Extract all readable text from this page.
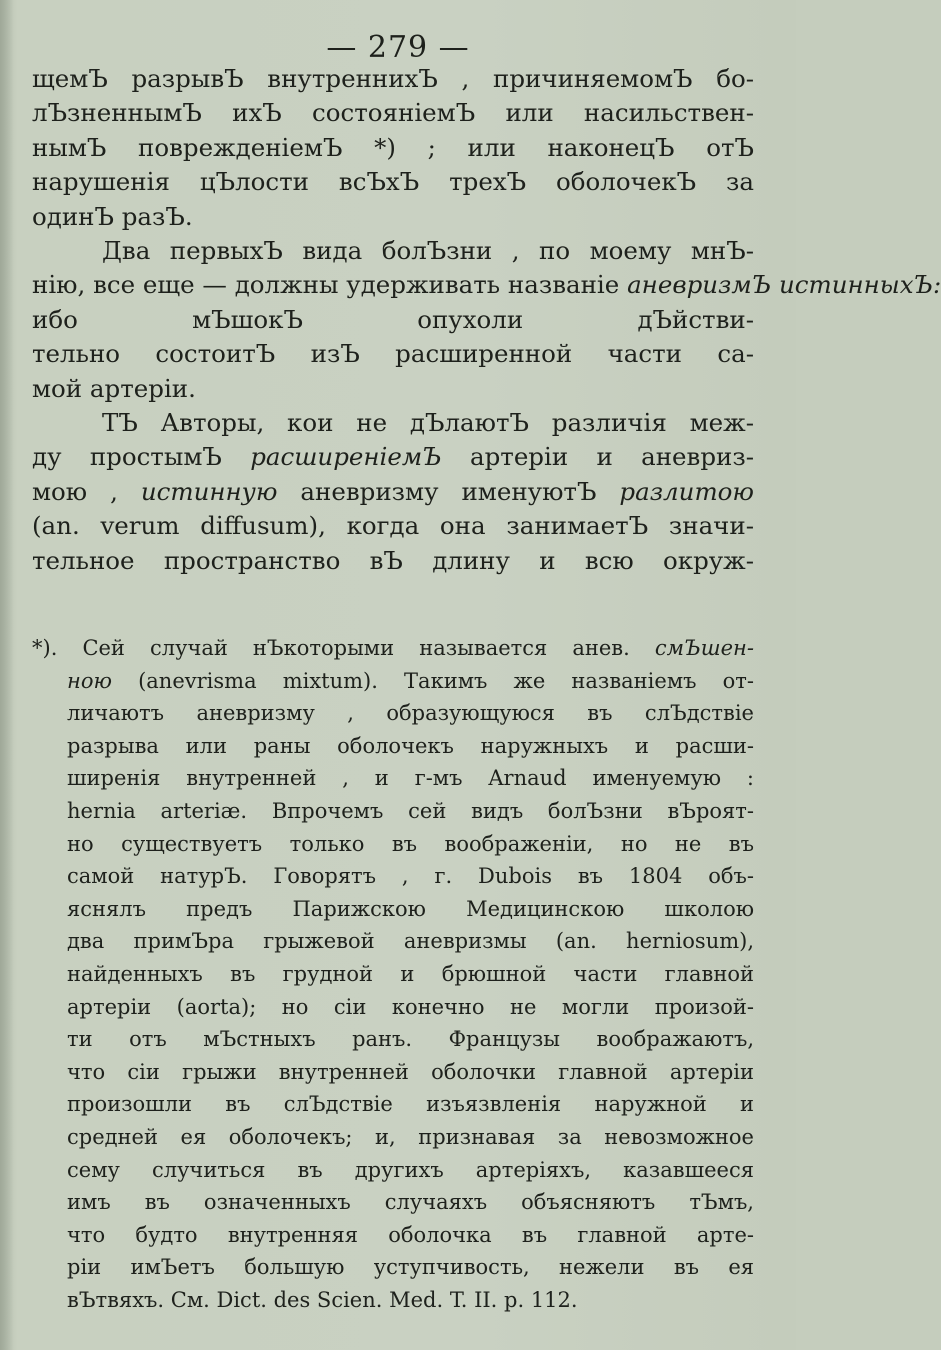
— 279 —
щемЪ разрывЪ внутреннихЪ , причиняемомЪ бо-
лЪзненнымЪ ихЪ состояніемЪ или насильствен-
нымЪ поврежденіемЪ *) ; или наконецЪ отЪ
нарушенія цЪлости всЪхЪ трехЪ оболочекЪ за
одинЪ разЪ.
Два первыхЪ вида болЪзни , по моему мнЪ-
нію, все еще — должны удерживать названіе аневризмЪ истинныхЪ:
ибо мЪшокЪ опухоли дЪйстви-
тельно состоитЪ изЪ расширенной части са-
мой артеріи.
ТЪ Авторы, кои не дЪлаютЪ различія меж-
ду простымЪ расширеніемЪ артеріи и аневриз-
мою , истинную аневризму именуютЪ разлитою
(an. verum diffusum), когда она занимаетЪ значи-
тельное пространство вЪ длину и всю окруж-
*). Сей случай нЪкоторыми называется анев. смЪшен-
ною (anevrisma mixtum). Такимъ же названіемъ от-
личаютъ аневризму , образующуюся въ слЪдствіе
разрыва или раны оболочекъ наружныхъ и расши-
ширенія внутренней , и г-мъ Arnaud именуемую :
hernia arteriæ. Впрочемъ сей видъ болЪзни вЪроят-
но существуетъ только въ воображеніи, но не въ
самой натурЪ. Говорятъ , г. Dubois въ 1804 объ-
яснялъ предъ Парижскою Медицинскою школою
два примЪра грыжевой аневризмы (an. herniosum),
найденныхъ въ грудной и брюшной части главной
артеріи (aorta); но сіи конечно не могли произой-
ти отъ мЪстныхъ ранъ. Французы воображаютъ,
что сіи грыжи внутренней оболочки главной артеріи
произошли въ слЪдствіе изъязвленія наружной и
средней ея оболочекъ; и, признавая за невозможное
сему случиться въ другихъ артеріяхъ, казавшееся
имъ въ означенныхъ случаяхъ объясняютъ тЪмъ,
что будто внутренняя оболочка въ главной арте-
ріи имЪетъ большую уступчивость, нежели въ ея
вЪтвяхъ. См. Dict. des Scien. Med. T. II. p. 112.
